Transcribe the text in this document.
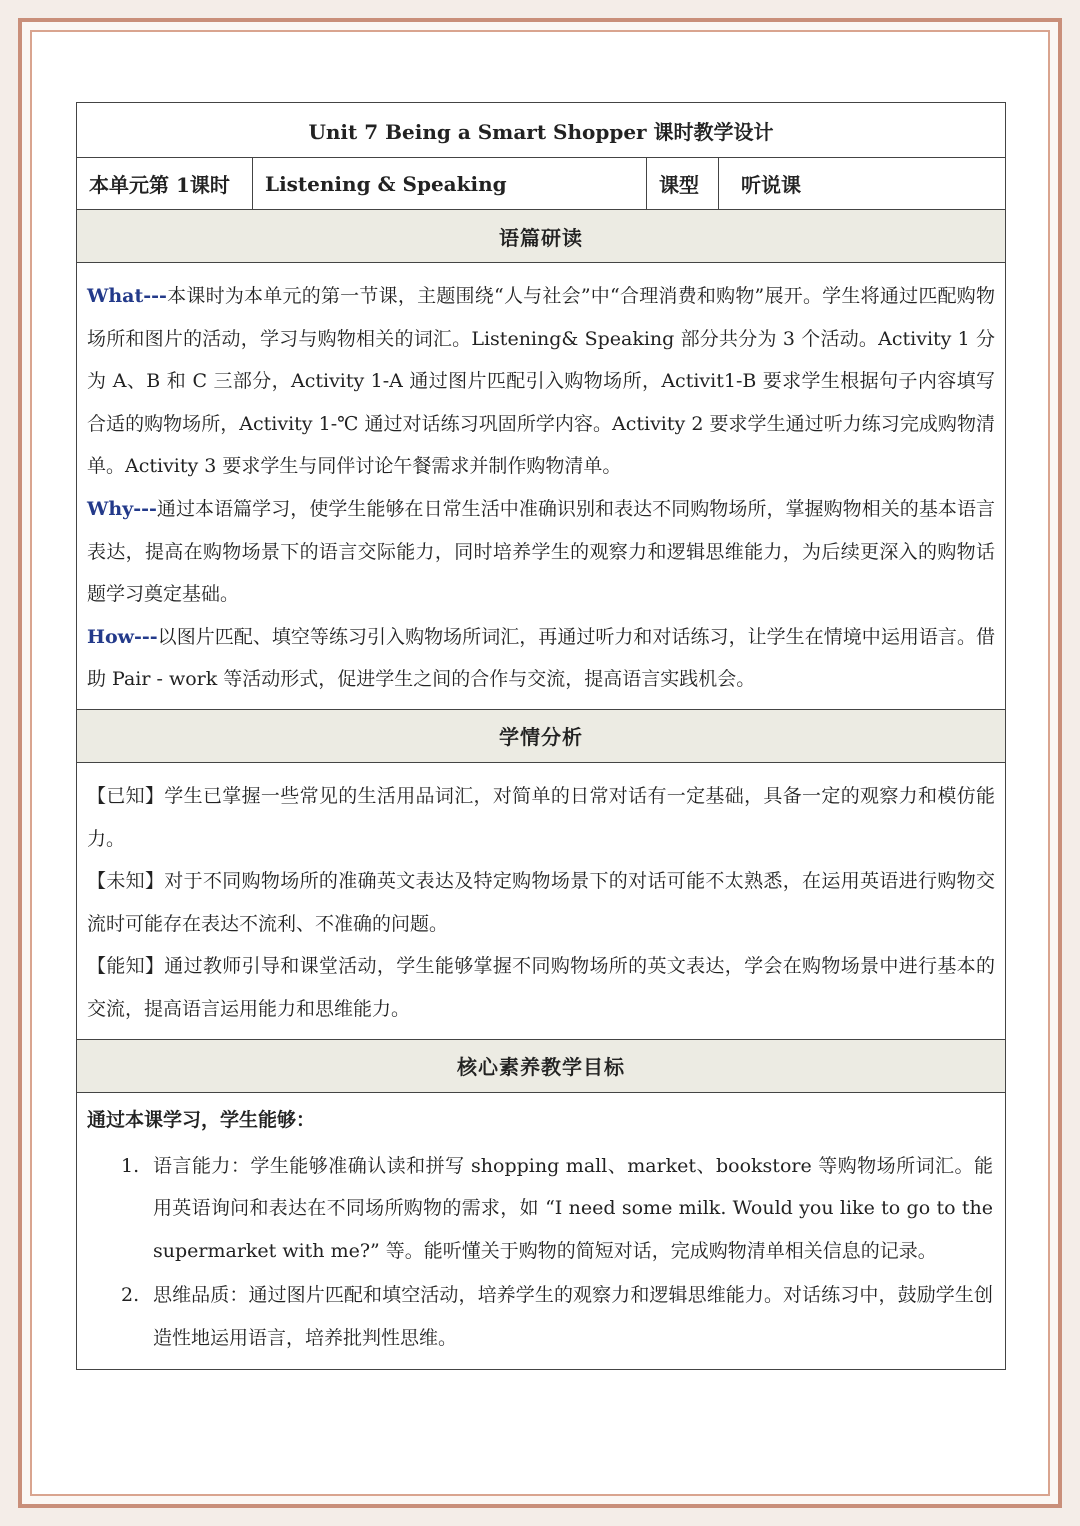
Unit 7 Being a Smart Shopper 课时教学设计
本单元第 1课时	Listening & Speaking	课型	听说课
语篇研读

What---本课时为本单元的第一节课，主题围绕“人与社会”中“合理消费和购物”展开。学生将通过匹配购物场所和图片的活动，学习与购物相关的词汇。Listening& Speaking 部分共分为 3 个活动。Activity 1 分为 A、B 和 C 三部分，Activity 1-A 通过图片匹配引入购物场所，Activit1-B 要求学生根据句子内容填写合适的购物场所，Activity 1-℃ 通过对话练习巩固所学内容。Activity 2 要求学生通过听力练习完成购物清单。Activity 3 要求学生与同伴讨论午餐需求并制作购物清单。

Why---通过本语篇学习，使学生能够在日常生活中准确识别和表达不同购物场所，掌握购物相关的基本语言表达，提高在购物场景下的语言交际能力，同时培养学生的观察力和逻辑思维能力，为后续更深入的购物话题学习奠定基础。

How---以图片匹配、填空等练习引入购物场所词汇，再通过听力和对话练习，让学生在情境中运用语言。借助 Pair - work 等活动形式，促进学生之间的合作与交流，提高语言实践机会。

学情分析

【已知】学生已掌握一些常见的生活用品词汇，对简单的日常对话有一定基础，具备一定的观察力和模仿能力。

【未知】对于不同购物场所的准确英文表达及特定购物场景下的对话可能不太熟悉，在运用英语进行购物交流时可能存在表达不流利、不准确的问题。

【能知】通过教师引导和课堂活动，学生能够掌握不同购物场所的英文表达，学会在购物场景中进行基本的交流，提高语言运用能力和思维能力。

核心素养教学目标
通过本课学习，学生能够：
1. 语言能力：学生能够准确认读和拼写 shopping mall、market、bookstore 等购物场所词汇。能用英语询问和表达在不同场所购物的需求，如 “I need some milk. Would you like to go to the supermarket with me?” 等。能听懂关于购物的简短对话，完成购物清单相关信息的记录。
2. 思维品质：通过图片匹配和填空活动，培养学生的观察力和逻辑思维能力。对话练习中，鼓励学生创造性地运用语言，培养批判性思维。
